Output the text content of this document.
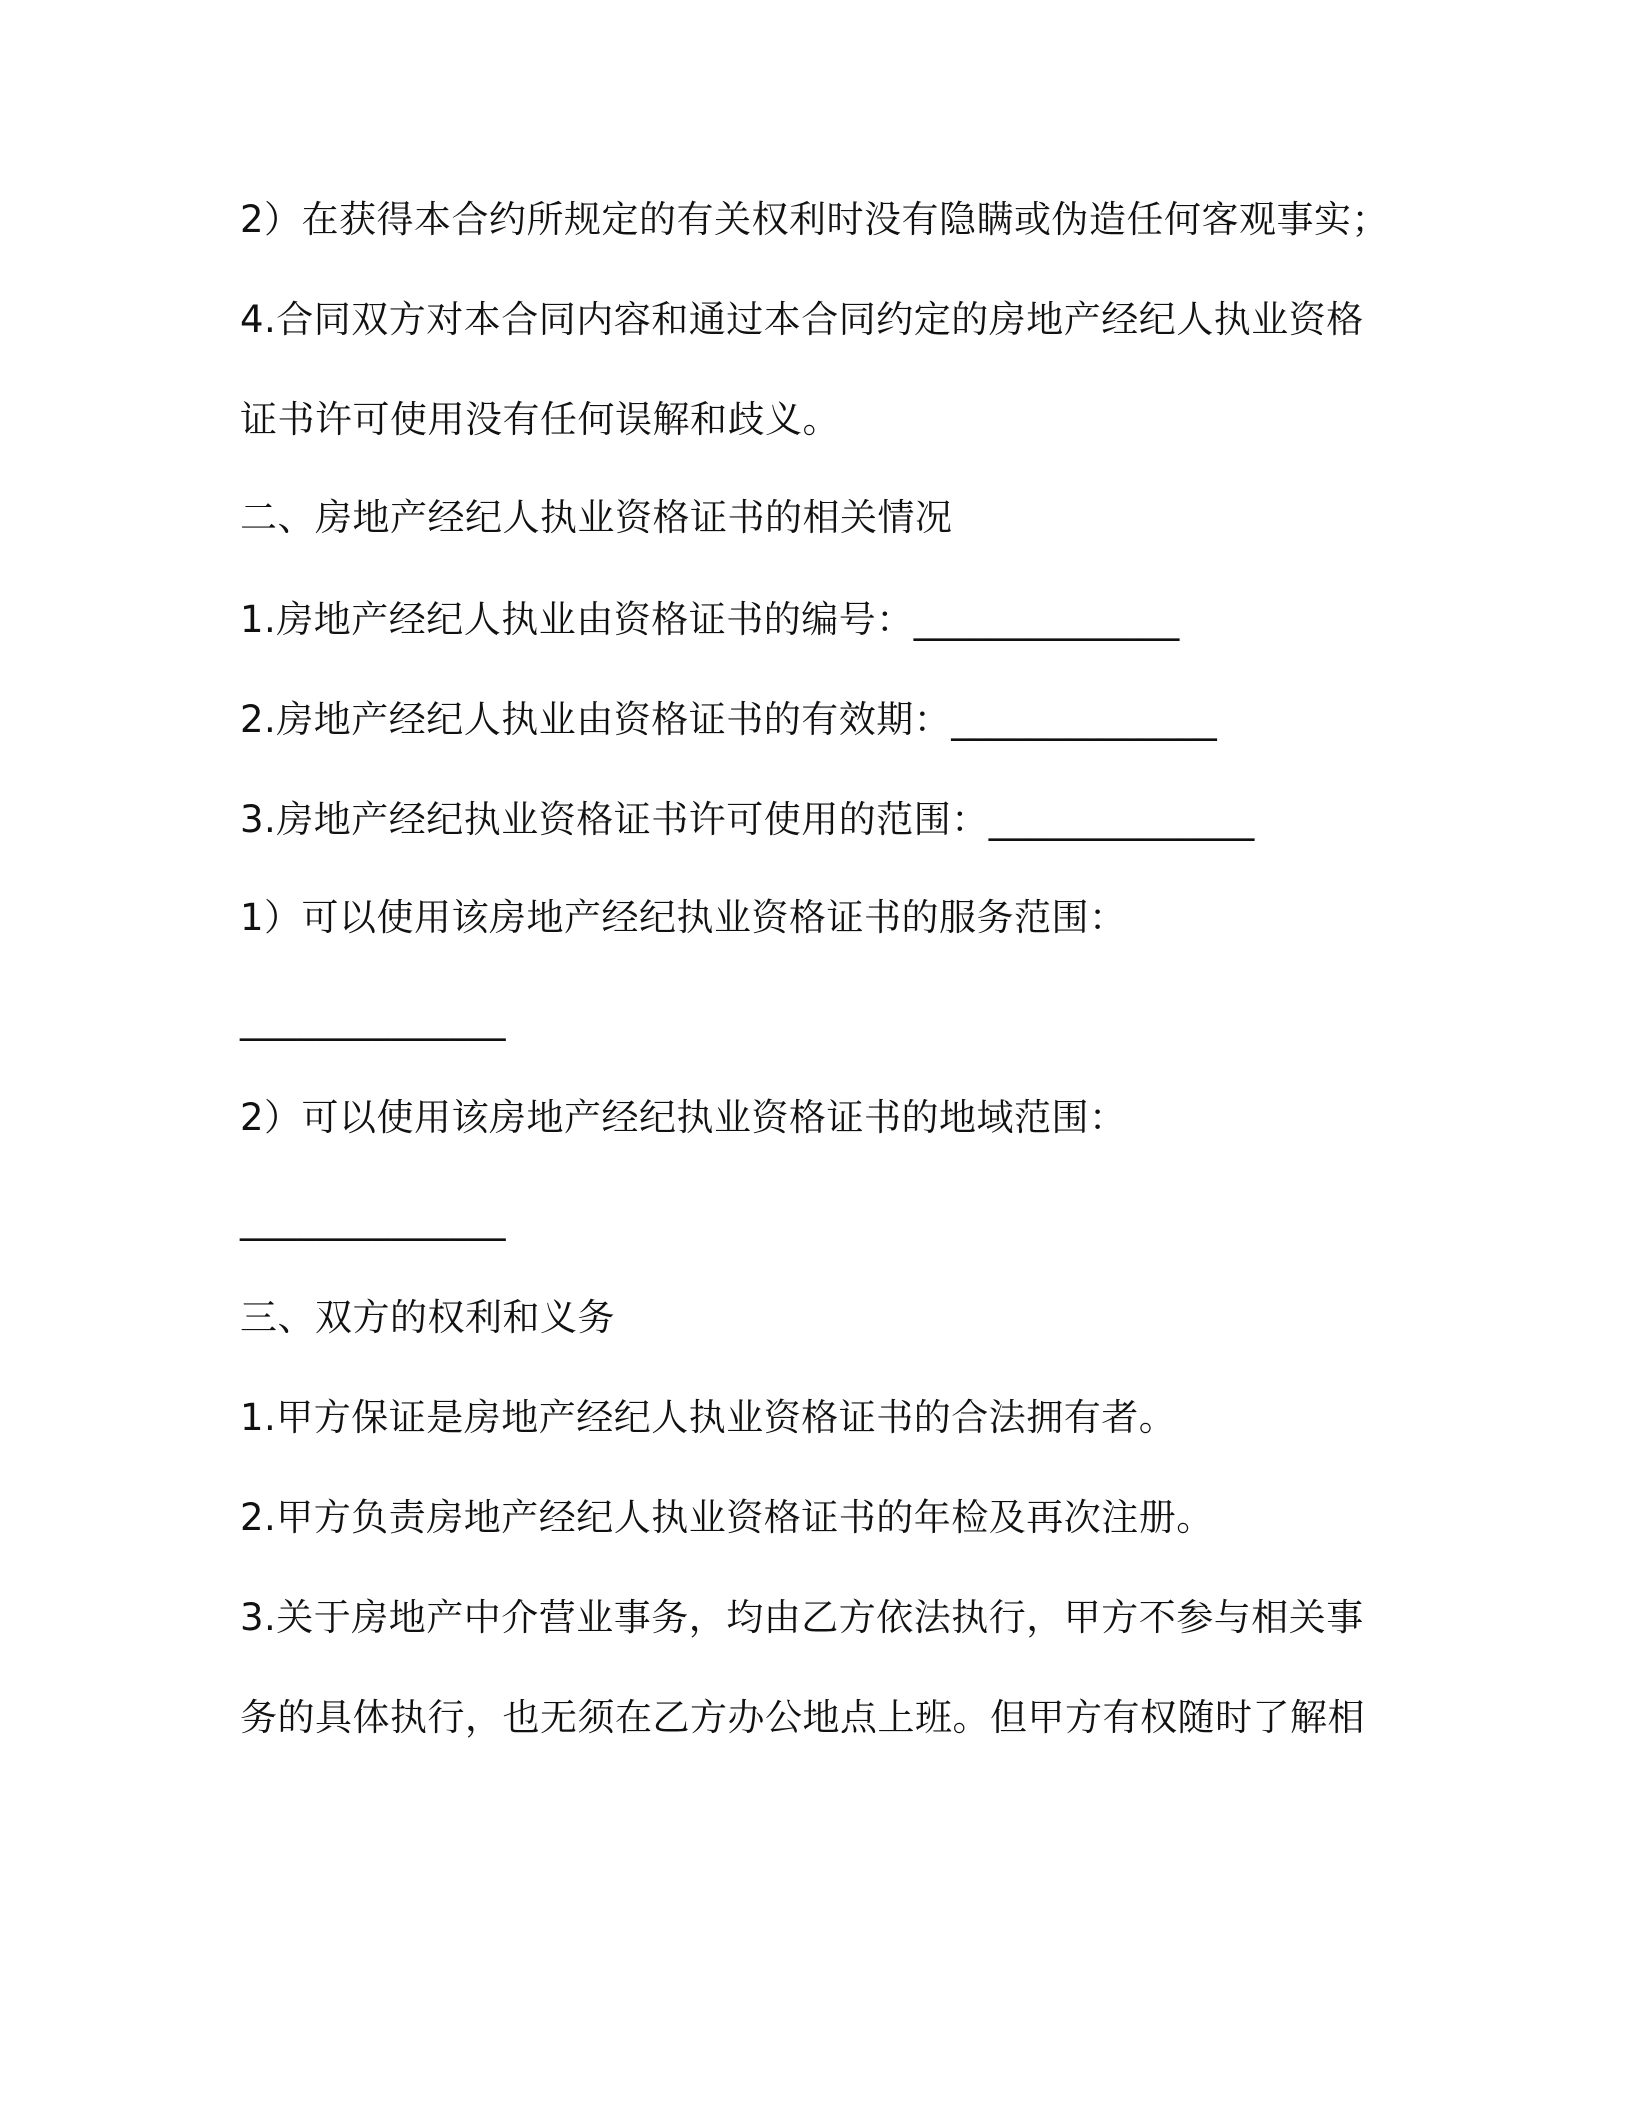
2）在获得本合约所规定的有关权利时没有隐瞒或伪造任何客观事实；
4.合同双方对本合同内容和通过本合同约定的房地产经纪人执业资格
证书许可使用没有任何误解和歧义。
二、房地产经纪人执业资格证书的相关情况
1.房地产经纪人执业由资格证书的编号：______________
2.房地产经纪人执业由资格证书的有效期：______________
3.房地产经纪执业资格证书许可使用的范围：______________
1）可以使用该房地产经纪执业资格证书的服务范围：
______________
2）可以使用该房地产经纪执业资格证书的地域范围：
______________
三、双方的权利和义务
1.甲方保证是房地产经纪人执业资格证书的合法拥有者。
2.甲方负责房地产经纪人执业资格证书的年检及再次注册。
3.关于房地产中介营业事务，均由乙方依法执行，甲方不参与相关事
务的具体执行，也无须在乙方办公地点上班。但甲方有权随时了解相
